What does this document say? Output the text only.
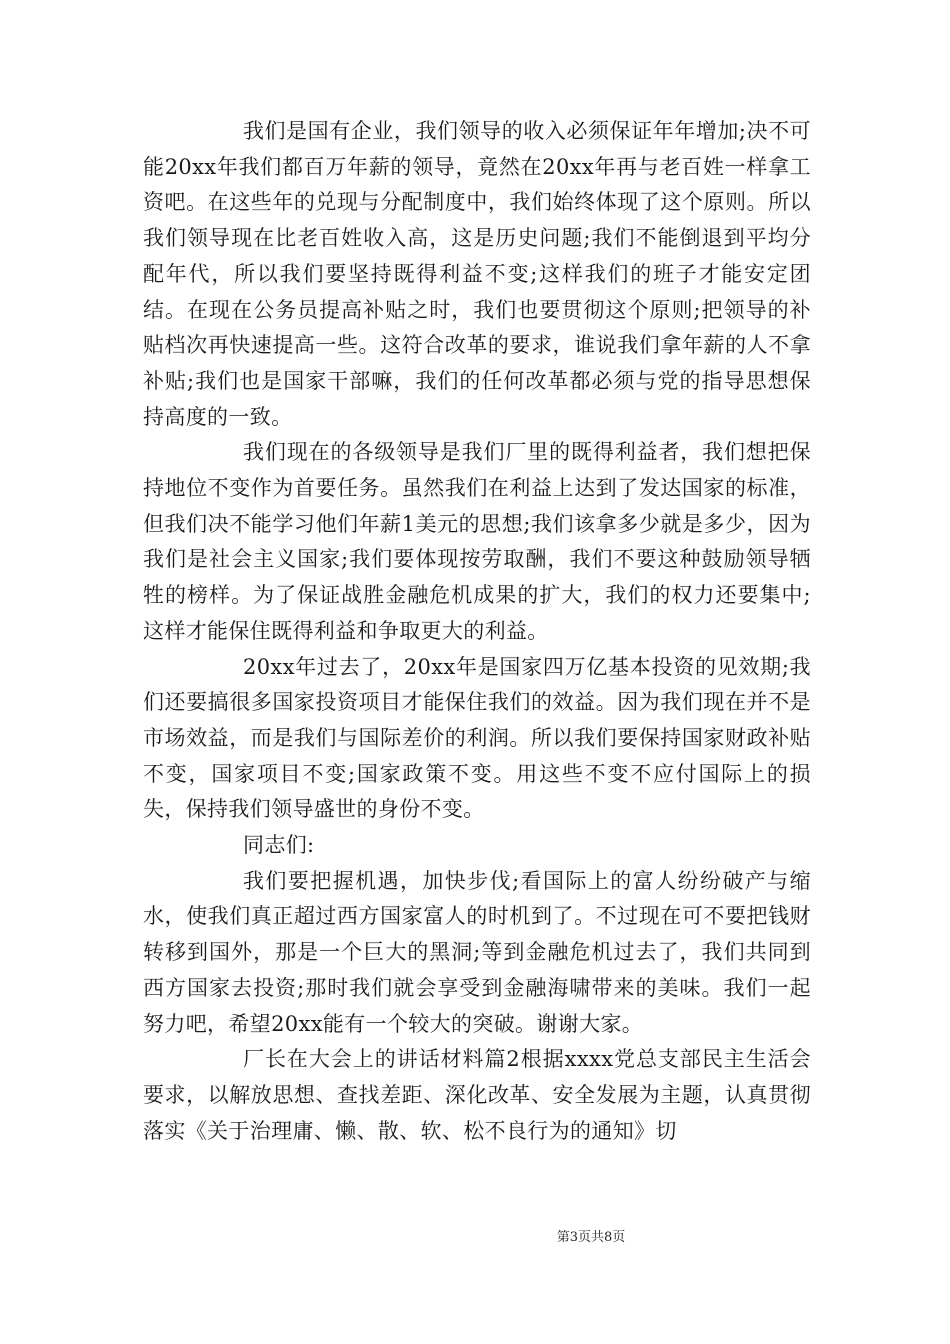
我们是国有企业，我们领导的收入必须保证年年增加;决不可能20xx年我们都百万年薪的领导，竟然在20xx年再与老百姓一样拿工资吧。在这些年的兑现与分配制度中，我们始终体现了这个原则。所以我们领导现在比老百姓收入高，这是历史问题;我们不能倒退到平均分配年代，所以我们要坚持既得利益不变;这样我们的班子才能安定团结。在现在公务员提高补贴之时，我们也要贯彻这个原则;把领导的补贴档次再快速提高一些。这符合改革的要求，谁说我们拿年薪的人不拿补贴;我们也是国家干部嘛，我们的任何改革都必须与党的指导思想保持高度的一致。

我们现在的各级领导是我们厂里的既得利益者，我们想把保持地位不变作为首要任务。虽然我们在利益上达到了发达国家的标准，但我们决不能学习他们年薪1美元的思想;我们该拿多少就是多少，因为我们是社会主义国家;我们要体现按劳取酬，我们不要这种鼓励领导牺牲的榜样。为了保证战胜金融危机成果的扩大，我们的权力还要集中;这样才能保住既得利益和争取更大的利益。

20xx年过去了，20xx年是国家四万亿基本投资的见效期;我们还要搞很多国家投资项目才能保住我们的效益。因为我们现在并不是市场效益，而是我们与国际差价的利润。所以我们要保持国家财政补贴不变，国家项目不变;国家政策不变。用这些不变不应付国际上的损失，保持我们领导盛世的身份不变。

同志们:

我们要把握机遇，加快步伐;看国际上的富人纷纷破产与缩水，使我们真正超过西方国家富人的时机到了。不过现在可不要把钱财转移到国外，那是一个巨大的黑洞;等到金融危机过去了，我们共同到西方国家去投资;那时我们就会享受到金融海啸带来的美味。我们一起努力吧，希望20xx能有一个较大的突破。谢谢大家。

厂长在大会上的讲话材料篇2根据xxxx党总支部民主生活会要求，以解放思想、查找差距、深化改革、安全发展为主题，认真贯彻落实《关于治理庸、懒、散、软、松不良行为的通知》切

第3页共8页
